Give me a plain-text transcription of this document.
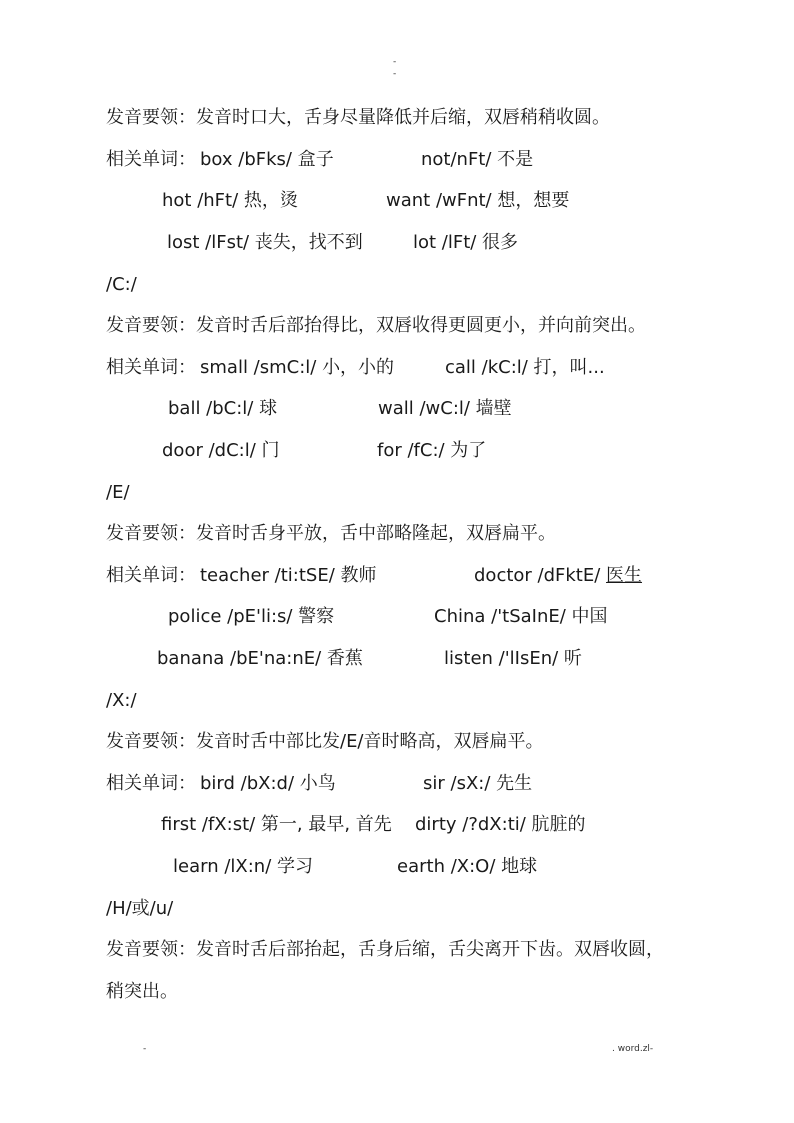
-
-
发音要领：发音时口大，舌身尽量降低并后缩，双唇稍稍收圆。
相关单词： box /bFks/ 盒子	not/nFt/ 不是
hot /hFt/ 热，烫	want /wFnt/ 想，想要
lost /lFst/ 丧失，找不到	lot /lFt/ 很多
/C:/
发音要领：发音时舌后部抬得比，双唇收得更圆更小，并向前突出。
相关单词： small /smC:l/ 小，小的	call /kC:l/ 打，叫...
ball /bC:l/ 球	wall /wC:l/ 墙壁
door /dC:l/ 门	for /fC:/ 为了
/E/
发音要领：发音时舌身平放，舌中部略隆起，双唇扁平。
相关单词： teacher /ti:tSE/ 教师	doctor /dFktE/ 医生
police /pE'li:s/ 警察	China /'tSaInE/ 中国
banana /bE'na:nE/ 香蕉	listen /'lIsEn/ 听
/X:/
发音要领：发音时舌中部比发/E/音时略高，双唇扁平。
相关单词： bird /bX:d/ 小鸟	sir /sX:/ 先生
first /fX:st/ 第一, 最早, 首先 dirty /?dX:ti/ 肮脏的
learn /lX:n/ 学习	earth /X:O/ 地球
/H/或/u/
发音要领：发音时舌后部抬起，舌身后缩，舌尖离开下齿。双唇收圆，
稍突出。
-	. word.zl-
